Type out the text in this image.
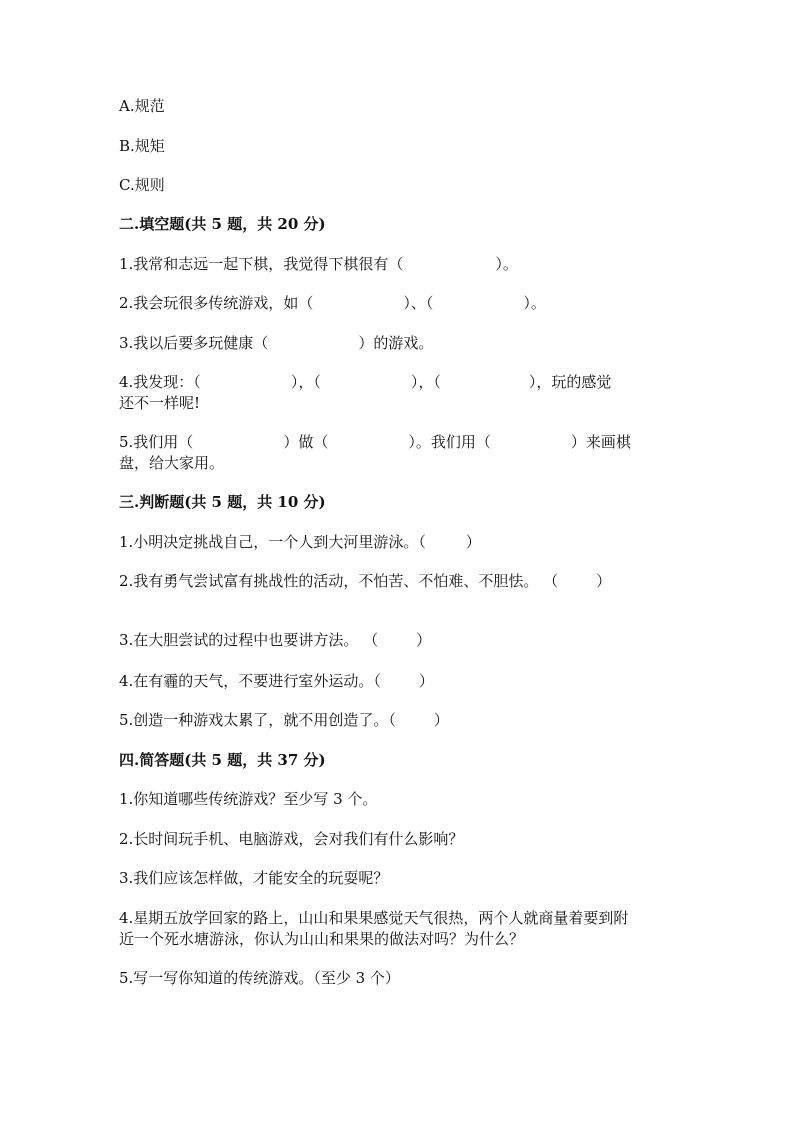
A.规范
B.规矩
C.规则
二.填空题(共 5 题，共 20 分)
1.我常和志远一起下棋，我觉得下棋很有（	）。
2.我会玩很多传统游戏，如（	）、（	）。
3.我以后要多玩健康（	）的游戏。
4.我发现：（	），（	），（	），玩的感觉
还不一样呢!
5.我们用（	）做（	）。我们用（	）来画棋
盘，给大家用。
三.判断题(共 5 题，共 10 分)
1.小明决定挑战自己，一个人到大河里游泳。（	）
2.我有勇气尝试富有挑战性的活动，不怕苦、不怕难、不胆怯。 （	）
3.在大胆尝试的过程中也要讲方法。 （	）
4.在有霾的天气，不要进行室外运动。（	）
5.创造一种游戏太累了，就不用创造了。（	）
四.简答题(共 5 题，共 37 分)
1.你知道哪些传统游戏？至少写 3 个。
2.长时间玩手机、电脑游戏，会对我们有什么影响？
3.我们应该怎样做，才能安全的玩耍呢？
4.星期五放学回家的路上，山山和果果感觉天气很热，两个人就商量着要到附
近一个死水塘游泳，你认为山山和果果的做法对吗？为什么？
5.写一写你知道的传统游戏。（至少 3 个）
